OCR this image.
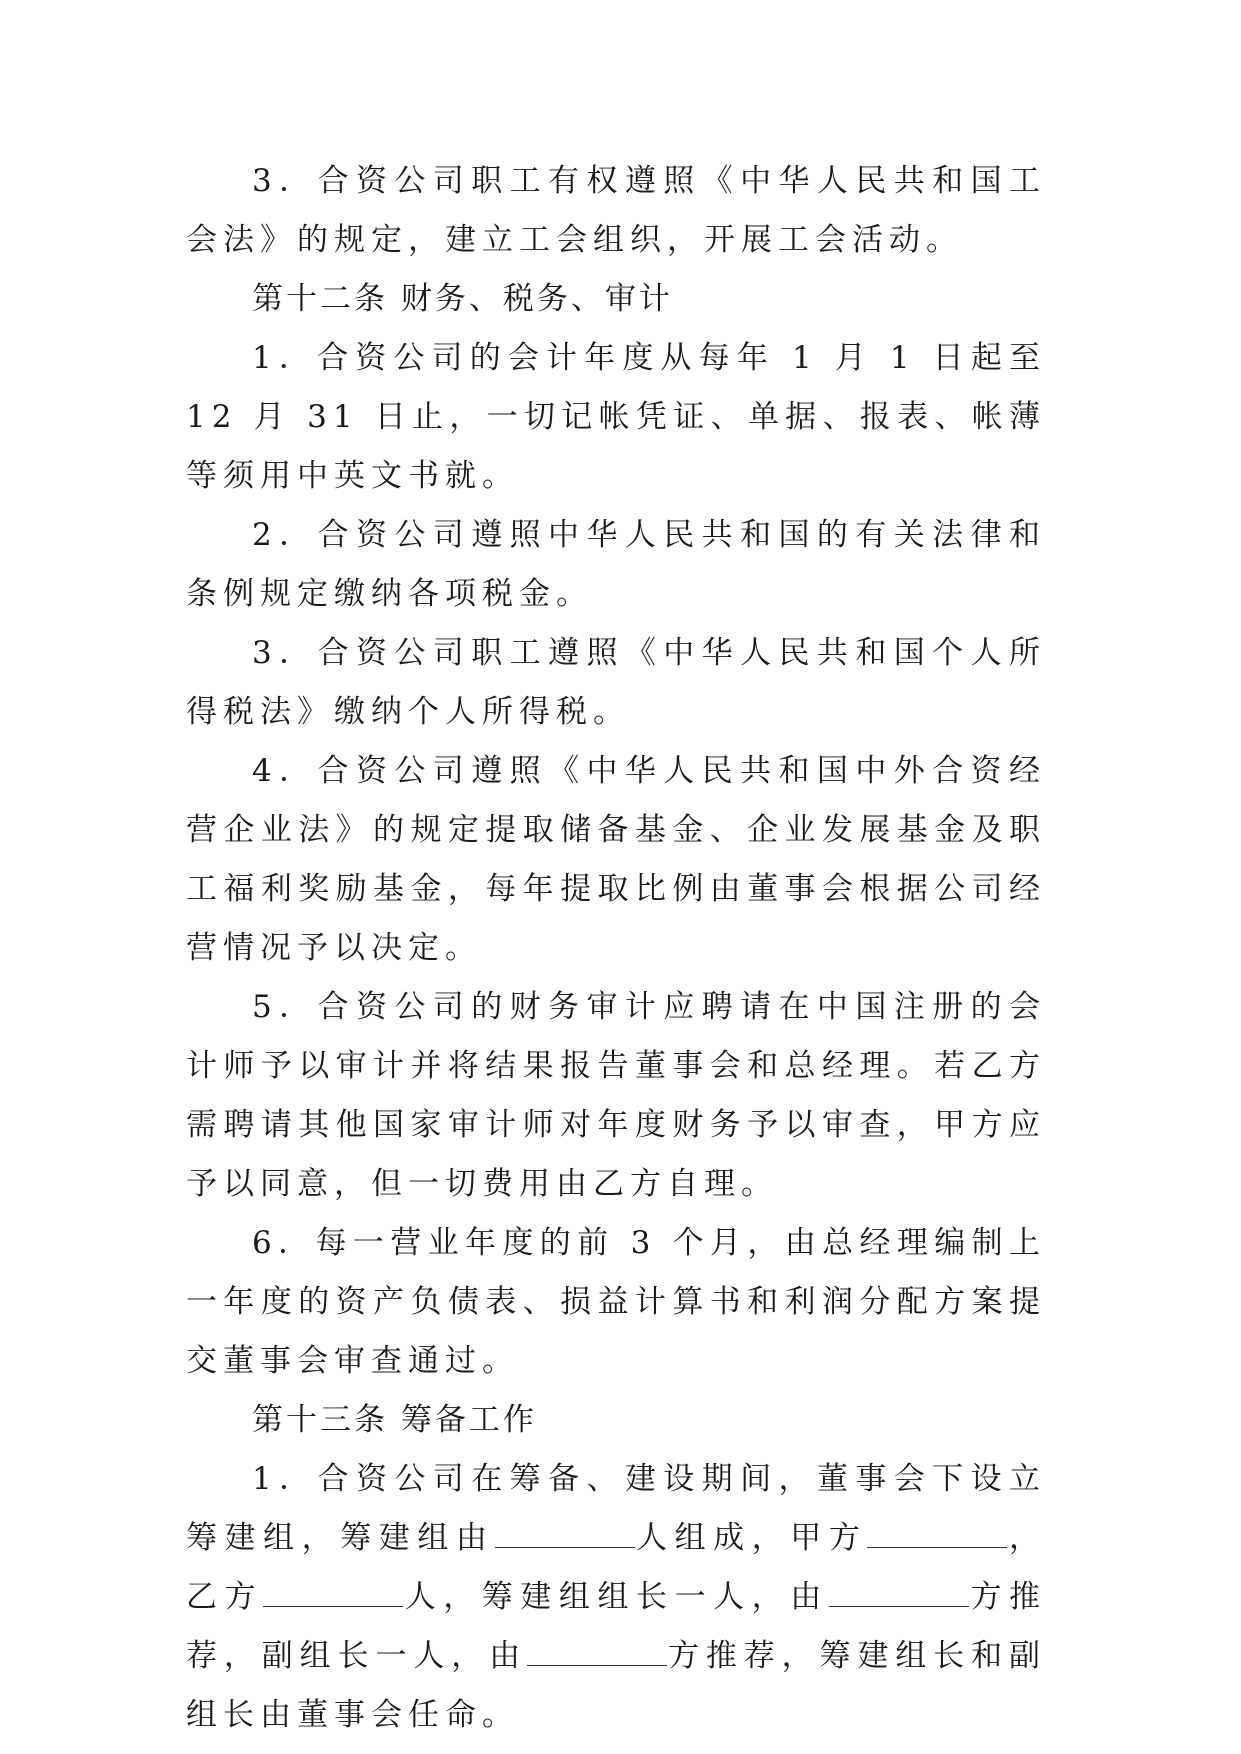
3．合资公司职工有权遵照《中华人民共和国工会法》的规定，建立工会组织，开展工会活动。

第十二条 财务、税务、审计

1．合资公司的会计年度从每年 1 月 1 日起至 12 月 31 日止，一切记帐凭证、单据、报表、帐薄等须用中英文书就。

2．合资公司遵照中华人民共和国的有关法律和条例规定缴纳各项税金。

3．合资公司职工遵照《中华人民共和国个人所得税法》缴纳个人所得税。

4．合资公司遵照《中华人民共和国中外合资经营企业法》的规定提取储备基金、企业发展基金及职工福利奖励基金，每年提取比例由董事会根据公司经营情况予以决定。

5．合资公司的财务审计应聘请在中国注册的会计师予以审计并将结果报告董事会和总经理。若乙方需聘请其他国家审计师对年度财务予以审查，甲方应予以同意，但一切费用由乙方自理。

6．每一营业年度的前 3 个月，由总经理编制上一年度的资产负债表、损益计算书和利润分配方案提交董事会审查通过。

第十三条 筹备工作

1．合资公司在筹备、建设期间，董事会下设立筹建组，筹建组由	人组成，甲方	，乙方	人，筹建组组长一人，由	方推荐，副组长一人，由	方推荐，筹建组长和副组长由董事会任命。
